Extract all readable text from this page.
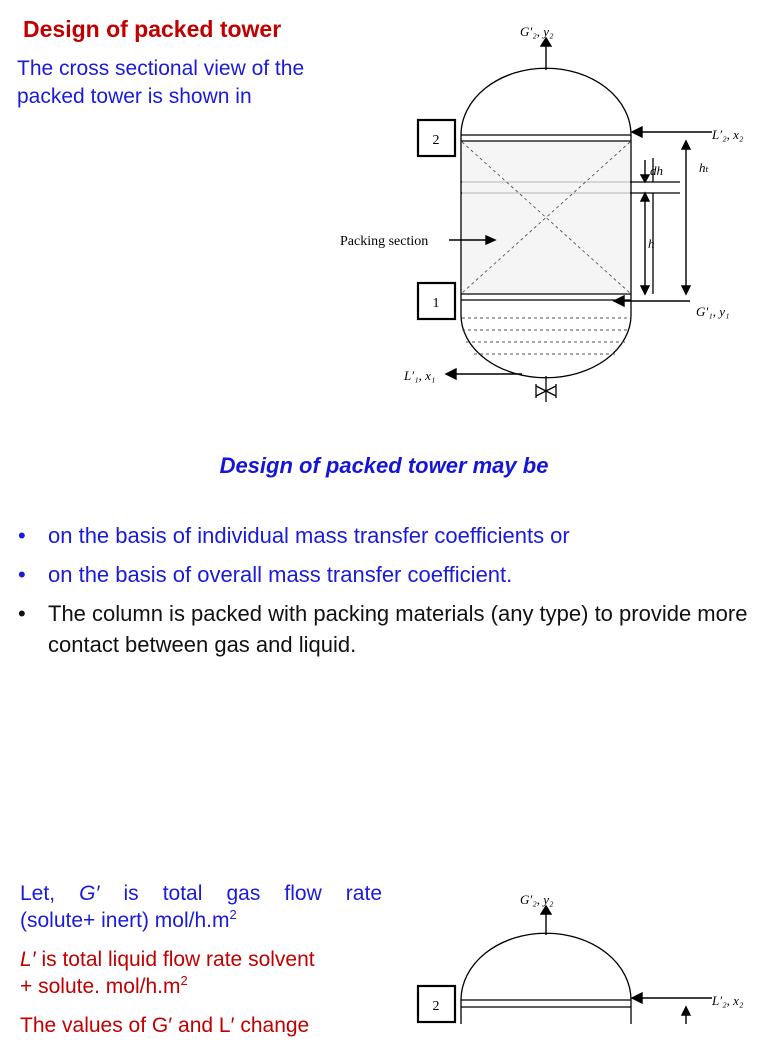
Design of packed tower
The cross sectional view of the packed tower is shown in
2
1
G′₂, y₂
L′₂, x₂
G′₁, y₁
L′₁, x₁
Packing section
dh
h
hₜ
Design of packed tower may be
• on the basis of individual mass transfer coefficients or
• on the basis of overall mass transfer coefficient.
• The column is packed with packing materials (any type) to provide more contact between gas and liquid.

Let, G′ is total gas flow rate
(solute+ inert) mol/$h.m^2$

L′ is total liquid flow rate solvent
+ solute. mol/$h.m^2$

The values of G′ and L′ change

2
G′₂, y₂
L′₂, x₂
